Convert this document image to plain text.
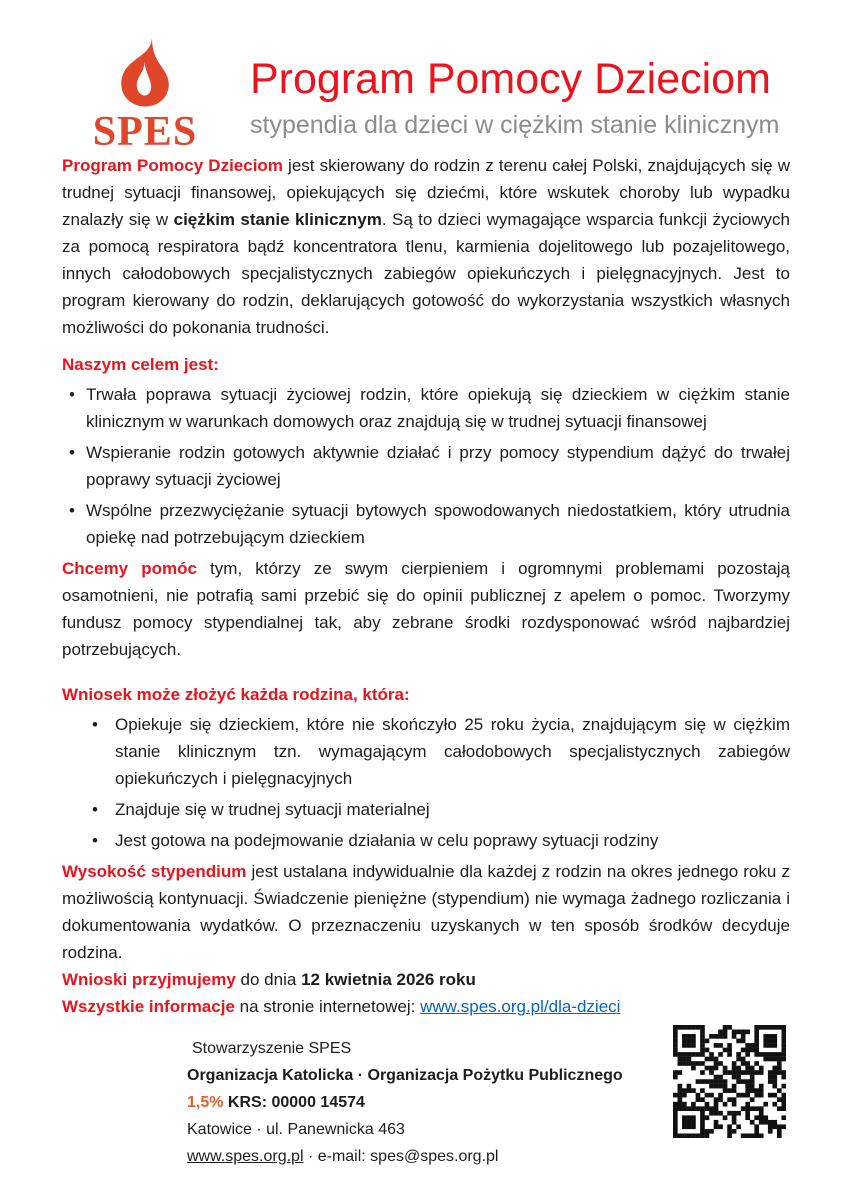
SPES
Program Pomocy Dzieciom
stypendia dla dzieci w ciężkim stanie klinicznym

Program Pomocy Dzieciom jest skierowany do rodzin z terenu całej Polski, znajdujących się w trudnej sytuacji finansowej, opiekujących się dziećmi, które wskutek choroby lub wypadku znalazły się w ciężkim stanie klinicznym. Są to dzieci wymagające wsparcia funkcji życiowych za pomocą respiratora bądź koncentratora tlenu, karmienia dojelitowego lub pozajelitowego, innych całodobowych specjalistycznych zabiegów opiekuńczych i pielęgnacyjnych. Jest to program kierowany do rodzin, deklarujących gotowość do wykorzystania wszystkich własnych możliwości do pokonania trudności.

Naszym celem jest:

• Trwała poprawa sytuacji życiowej rodzin, które opiekują się dzieckiem w ciężkim stanie klinicznym w warunkach domowych oraz znajdują się w trudnej sytuacji finansowej
• Wspieranie rodzin gotowych aktywnie działać i przy pomocy stypendium dążyć do trwałej poprawy sytuacji życiowej
• Wspólne przezwyciężanie sytuacji bytowych spowodowanych niedostatkiem, który utrudnia opiekę nad potrzebującym dzieckiem

Chcemy pomóc tym, którzy ze swym cierpieniem i ogromnymi problemami pozostają osamotnieni, nie potrafią sami przebić się do opinii publicznej z apelem o pomoc. Tworzymy fundusz pomocy stypendialnej tak, aby zebrane środki rozdysponować wśród najbardziej potrzebujących.

Wniosek może złożyć każda rodzina, która:

• Opiekuje się dzieckiem, które nie skończyło 25 roku życia, znajdującym się w ciężkim stanie klinicznym tzn. wymagającym całodobowych specjalistycznych zabiegów opiekuńczych i pielęgnacyjnych
• Znajduje się w trudnej sytuacji materialnej
• Jest gotowa na podejmowanie działania w celu poprawy sytuacji rodziny

Wysokość stypendium jest ustalana indywidualnie dla każdej z rodzin na okres jednego roku z możliwością kontynuacji. Świadczenie pieniężne (stypendium) nie wymaga żadnego rozliczania i dokumentowania wydatków. O przeznaczeniu uzyskanych w ten sposób środków decyduje rodzina.

Wnioski przyjmujemy do dnia 12 kwietnia 2026 roku

Wszystkie informacje na stronie internetowej: www.spes.org.pl/dla-dzieci

Stowarzyszenie SPES
Organizacja Katolicka · Organizacja Pożytku Publicznego
1,5% KRS: 00000 14574
Katowice · ul. Panewnicka 463
www.spes.org.pl · e-mail: spes@spes.org.pl
